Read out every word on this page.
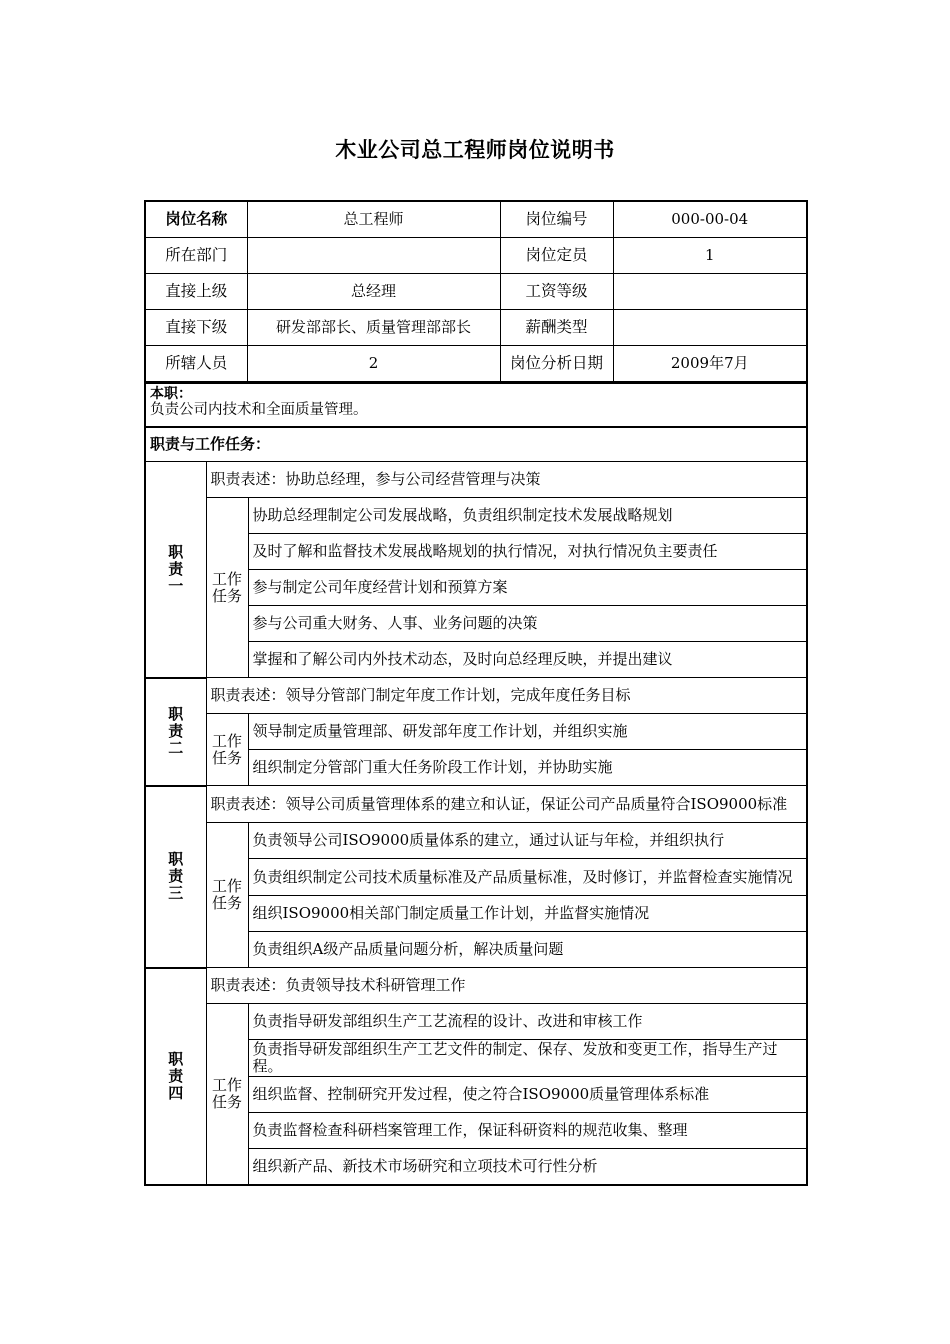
木业公司总工程师岗位说明书
岗位名称	总工程师	岗位编号	000-00-04
所在部门		岗位定员	1
直接上级	总经理	工资等级	
直接下级	研发部部长、质量管理部部长	薪酬类型	
所辖人员	2	岗位分析日期	2009年7月
本职：
负责公司内技术和全面质量管理。		

职责与工作任务：		
职
责
一	职责表述：协助总经理，参与公司经营管理与决策	
	工作
任务	协助总经理制定公司发展战略，负责组织制定技术发展战略规划
		及时了解和监督技术发展战略规划的执行情况，对执行情况负主要责任
		参与制定公司年度经营计划和预算方案
		参与公司重大财务、人事、业务问题的决策
		掌握和了解公司内外技术动态，及时向总经理反映，并提出建议
职
责
二	职责表述：领导分管部门制定年度工作计划，完成年度任务目标	
	工作
任务	领导制定质量管理部、研发部年度工作计划，并组织实施
		组织制定分管部门重大任务阶段工作计划，并协助实施
职
责
三	职责表述：领导公司质量管理体系的建立和认证，保证公司产品质量符合ISO9000标准	
	工作
任务	负责领导公司ISO9000质量体系的建立，通过认证与年检，并组织执行
		负责组织制定公司技术质量标准及产品质量标准，及时修订，并监督检查实施情况
		组织ISO9000相关部门制定质量工作计划，并监督实施情况
		负责组织A级产品质量问题分析，解决质量问题
职
责
四	职责表述：负责领导技术科研管理工作	
	工作
任务	负责指导研发部组织生产工艺流程的设计、改进和审核工作
		负责指导研发部组织生产工艺文件的制定、保存、发放和变更工作，指导生产过程。
		组织监督、控制研究开发过程，使之符合ISO9000质量管理体系标准
		负责监督检查科研档案管理工作，保证科研资料的规范收集、整理
		组织新产品、新技术市场研究和立项技术可行性分析
